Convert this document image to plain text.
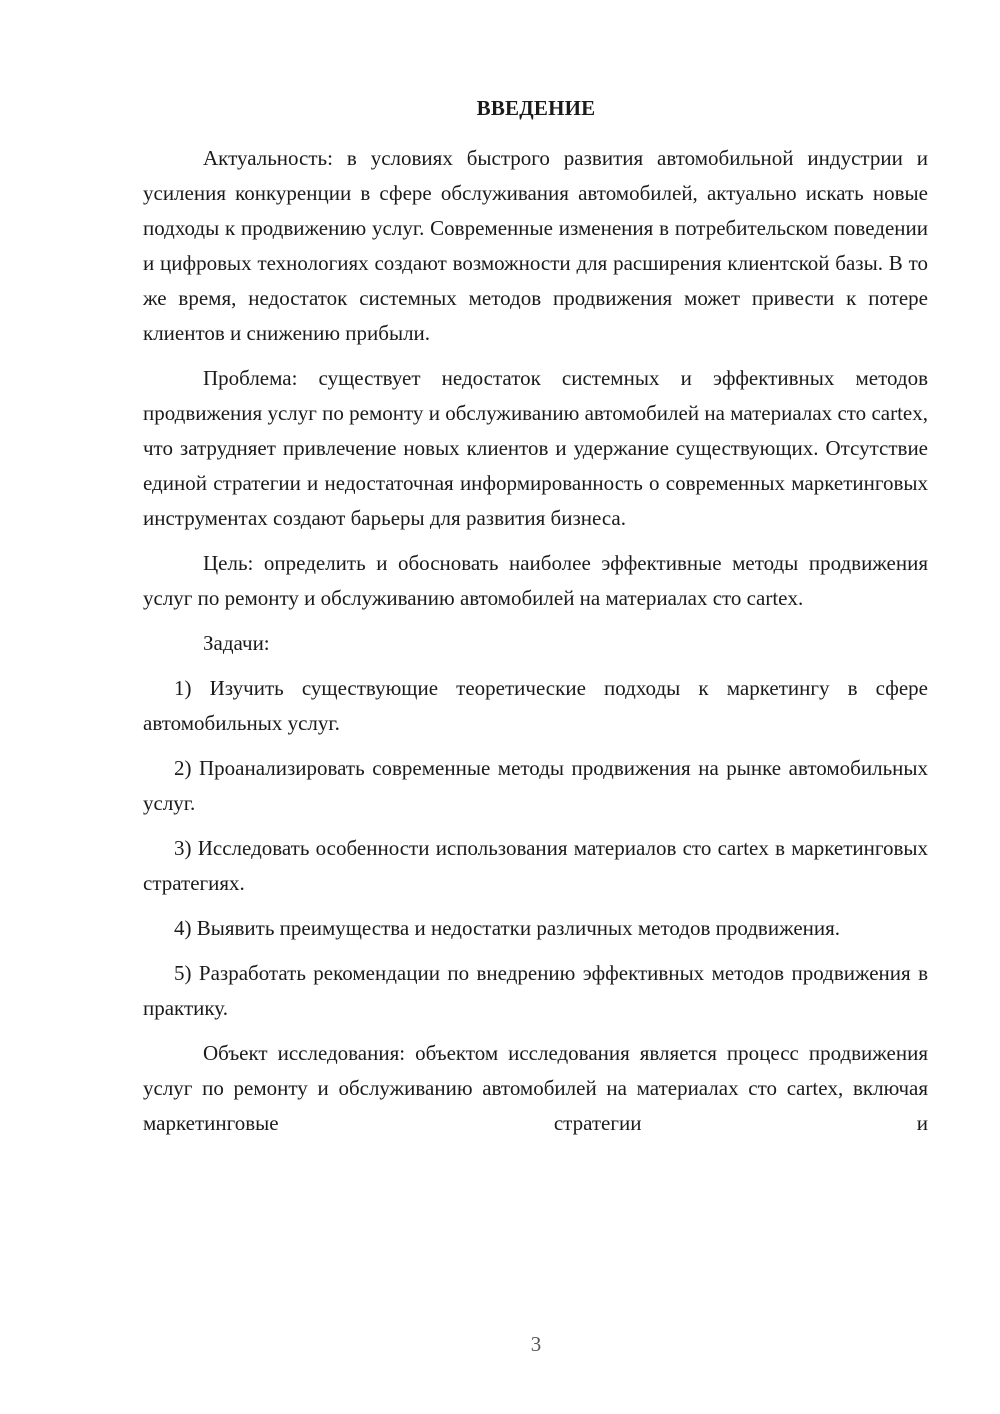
ВВЕДЕНИЕ

Актуальность: в условиях быстрого развития автомобильной индустрии и усиления конкуренции в сфере обслуживания автомобилей, актуально искать новые подходы к продвижению услуг. Современные изменения в потребительском поведении и цифровых технологиях создают возможности для расширения клиентской базы. В то же время, недостаток системных методов продвижения может привести к потере клиентов и снижению прибыли.

Проблема: существует недостаток системных и эффективных методов продвижения услуг по ремонту и обслуживанию автомобилей на материалах сто cartex, что затрудняет привлечение новых клиентов и удержание существующих. Отсутствие единой стратегии и недостаточная информированность о современных маркетинговых инструментах создают барьеры для развития бизнеса.

Цель: определить и обосновать наиболее эффективные методы продвижения услуг по ремонту и обслуживанию автомобилей на материалах сто cartex.

Задачи:

1) Изучить существующие теоретические подходы к маркетингу в сфере автомобильных услуг.

2) Проанализировать современные методы продвижения на рынке автомобильных услуг.

3) Исследовать особенности использования материалов сто cartex в маркетинговых стратегиях.

4) Выявить преимущества и недостатки различных методов продвижения.

5) Разработать рекомендации по внедрению эффективных методов продвижения в практику.

Объект исследования: объектом исследования является процесс продвижения услуг по ремонту и обслуживанию автомобилей на материалах сто cartex, включая маркетинговые стратегии и

3
